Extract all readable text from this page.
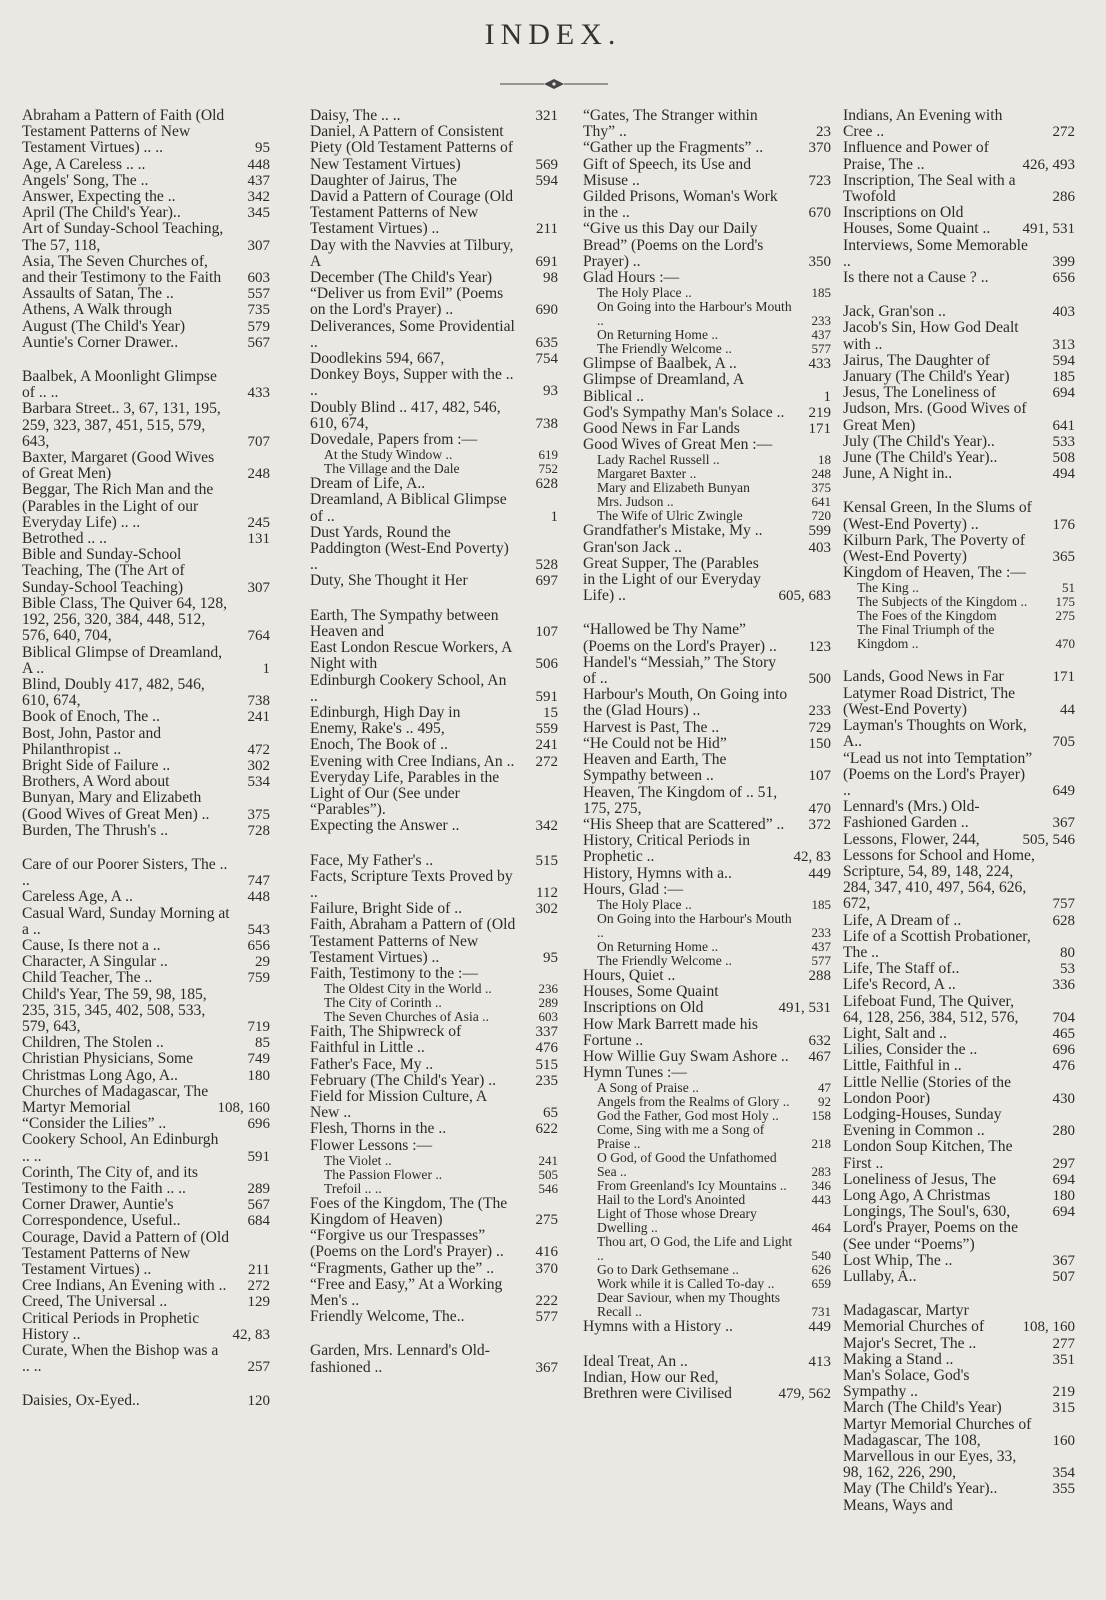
INDEX.
Abraham a Pattern of Faith (Old Testament Patterns of New Testament Virtues) .. ..	95
Age, A Careless .. ..	448
Angels' Song, The ..	437
Answer, Expecting the ..	342
April (The Child's Year)..	345
Art of Sunday-School Teaching, The 57, 118,	307
Asia, The Seven Churches of, and their Testimony to the Faith	603
Assaults of Satan, The ..	557
Athens, A Walk through	735
August (The Child's Year)	579
Auntie's Corner Drawer..	567
Baalbek, A Moonlight Glimpse of .. ..	433
Barbara Street.. 3, 67, 131, 195, 259, 323, 387, 451, 515, 579, 643,	707
Baxter, Margaret (Good Wives of Great Men)	248
Beggar, The Rich Man and the (Parables in the Light of our Everyday Life) .. ..	245
Betrothed .. ..	131
Bible and Sunday-School Teaching, The (The Art of Sunday-School Teaching)	307
Bible Class, The Quiver 64, 128, 192, 256, 320, 384, 448, 512, 576, 640, 704,	764
Biblical Glimpse of Dreamland, A ..	1
Blind, Doubly 417, 482, 546, 610, 674,	738
Book of Enoch, The ..	241
Bost, John, Pastor and Philanthropist ..	472
Bright Side of Failure ..	302
Brothers, A Word about	534
Bunyan, Mary and Elizabeth (Good Wives of Great Men) ..	375
Burden, The Thrush's ..	728
Care of our Poorer Sisters, The .. ..	747
Careless Age, A ..	448
Casual Ward, Sunday Morning at a ..	543
Cause, Is there not a ..	656
Character, A Singular ..	29
Child Teacher, The ..	759
Child's Year, The 59, 98, 185, 235, 315, 345, 402, 508, 533, 579, 643,	719
Children, The Stolen ..	85
Christian Physicians, Some	749
Christmas Long Ago, A..	180
Churches of Madagascar, The Martyr Memorial	108, 160
“Consider the Lilies” ..	696
Cookery School, An Edinburgh .. ..	591
Corinth, The City of, and its Testimony to the Faith .. ..	289
Corner Drawer, Auntie's	567
Correspondence, Useful..	684
Courage, David a Pattern of (Old Testament Patterns of New Testament Virtues) ..	211
Cree Indians, An Evening with ..	272
Creed, The Universal ..	129
Critical Periods in Prophetic History ..	42, 83
Curate, When the Bishop was a .. ..	257
Daisies, Ox-Eyed..	120
Daisy, The .. ..	321
Daniel, A Pattern of Consistent Piety (Old Testament Patterns of New Testament Virtues)	569
Daughter of Jairus, The	594
David a Pattern of Courage (Old Testament Patterns of New Testament Virtues) ..	211
Day with the Navvies at Tilbury, A	691
December (The Child's Year)	98
“Deliver us from Evil” (Poems on the Lord's Prayer) ..	690
Deliverances, Some Providential ..	635
Doodlekins 594, 667,	754
Donkey Boys, Supper with the .. ..	93
Doubly Blind .. 417, 482, 546, 610, 674,	738
Dovedale, Papers from :—
At the Study Window ..	619
The Village and the Dale	752
Dream of Life, A..	628
Dreamland, A Biblical Glimpse of ..	1
Dust Yards, Round the Paddington (West-End Poverty) ..	528
Duty, She Thought it Her	697
Earth, The Sympathy between Heaven and	107
East London Rescue Workers, A Night with	506
Edinburgh Cookery School, An ..	591
Edinburgh, High Day in	15
Enemy, Rake's .. 495,	559
Enoch, The Book of ..	241
Evening with Cree Indians, An ..	272
Everyday Life, Parables in the Light of Our (See under “Parables”).
Expecting the Answer ..	342
Face, My Father's ..	515
Facts, Scripture Texts Proved by ..	112
Failure, Bright Side of ..	302
Faith, Abraham a Pattern of (Old Testament Patterns of New Testament Virtues) ..	95
Faith, Testimony to the :—
The Oldest City in the World ..	236
The City of Corinth ..	289
The Seven Churches of Asia ..	603
Faith, The Shipwreck of	337
Faithful in Little ..	476
Father's Face, My ..	515
February (The Child's Year) ..	235
Field for Mission Culture, A New ..	65
Flesh, Thorns in the ..	622
Flower Lessons :—
The Violet ..	241
The Passion Flower ..	505
Trefoil .. ..	546
Foes of the Kingdom, The (The Kingdom of Heaven)	275
“Forgive us our Trespasses” (Poems on the Lord's Prayer) ..	416
“Fragments, Gather up the” ..	370
“Free and Easy,” At a Working Men's ..	222
Friendly Welcome, The..	577
Garden, Mrs. Lennard's Old-fashioned ..	367
“Gates, The Stranger within Thy” ..	23
“Gather up the Fragments” ..	370
Gift of Speech, its Use and Misuse ..	723
Gilded Prisons, Woman's Work in the ..	670
“Give us this Day our Daily Bread” (Poems on the Lord's Prayer) ..	350
Glad Hours :—
The Holy Place ..	185
On Going into the Harbour's Mouth ..	233
On Returning Home ..	437
The Friendly Welcome ..	577
Glimpse of Baalbek, A ..	433
Glimpse of Dreamland, A Biblical ..	1
God's Sympathy Man's Solace ..	219
Good News in Far Lands	171
Good Wives of Great Men :—
Lady Rachel Russell ..	18
Margaret Baxter ..	248
Mary and Elizabeth Bunyan	375
Mrs. Judson ..	641
The Wife of Ulric Zwingle	720
Grandfather's Mistake, My ..	599
Gran'son Jack ..	403
Great Supper, The (Parables in the Light of our Everyday Life) ..	605, 683
“Hallowed be Thy Name” (Poems on the Lord's Prayer) ..	123
Handel's “Messiah,” The Story of ..	500
Harbour's Mouth, On Going into the (Glad Hours) ..	233
Harvest is Past, The ..	729
“He Could not be Hid”	150
Heaven and Earth, The Sympathy between ..	107
Heaven, The Kingdom of .. 51, 175, 275,	470
“His Sheep that are Scattered” ..	372
History, Critical Periods in Prophetic ..	42, 83
History, Hymns with a..	449
Hours, Glad :—
The Holy Place ..	185
On Going into the Harbour's Mouth ..	233
On Returning Home ..	437
The Friendly Welcome ..	577
Hours, Quiet ..	288
Houses, Some Quaint Inscriptions on Old	491, 531
How Mark Barrett made his Fortune ..	632
How Willie Guy Swam Ashore ..	467
Hymn Tunes :—
A Song of Praise ..	47
Angels from the Realms of Glory ..	92
God the Father, God most Holy ..	158
Come, Sing with me a Song of Praise ..	218
O God, of Good the Unfathomed Sea ..	283
From Greenland's Icy Mountains ..	346
Hail to the Lord's Anointed	443
Light of Those whose Dreary Dwelling ..	464
Thou art, O God, the Life and Light ..	540
Go to Dark Gethsemane ..	626
Work while it is Called To-day ..	659
Dear Saviour, when my Thoughts Recall ..	731
Hymns with a History ..	449
Ideal Treat, An ..	413
Indian, How our Red, Brethren were Civilised	479, 562
Indians, An Evening with Cree ..	272
Influence and Power of Praise, The ..	426, 493
Inscription, The Seal with a Twofold	286
Inscriptions on Old Houses, Some Quaint ..	491, 531
Interviews, Some Memorable ..	399
Is there not a Cause ? ..	656
Jack, Gran'son ..	403
Jacob's Sin, How God Dealt with ..	313
Jairus, The Daughter of	594
January (The Child's Year)	185
Jesus, The Loneliness of	694
Judson, Mrs. (Good Wives of Great Men)	641
July (The Child's Year)..	533
June (The Child's Year)..	508
June, A Night in..	494
Kensal Green, In the Slums of (West-End Poverty) ..	176
Kilburn Park, The Poverty of (West-End Poverty)	365
Kingdom of Heaven, The :—
The King ..	51
The Subjects of the Kingdom ..	175
The Foes of the Kingdom	275
The Final Triumph of the Kingdom ..	470
Lands, Good News in Far	171
Latymer Road District, The (West-End Poverty)	44
Layman's Thoughts on Work, A..	705
“Lead us not into Temptation” (Poems on the Lord's Prayer) ..	649
Lennard's (Mrs.) Old-Fashioned Garden ..	367
Lessons, Flower, 244,	505, 546
Lessons for School and Home, Scripture, 54, 89, 148, 224, 284, 347, 410, 497, 564, 626, 672,	757
Life, A Dream of ..	628
Life of a Scottish Probationer, The ..	80
Life, The Staff of..	53
Life's Record, A ..	336
Lifeboat Fund, The Quiver, 64, 128, 256, 384, 512, 576,	704
Light, Salt and ..	465
Lilies, Consider the ..	696
Little, Faithful in ..	476
Little Nellie (Stories of the London Poor)	430
Lodging-Houses, Sunday Evening in Common ..	280
London Soup Kitchen, The First ..	297
Loneliness of Jesus, The	694
Long Ago, A Christmas	180
Longings, The Soul's, 630,	694
Lord's Prayer, Poems on the (See under “Poems”)
Lost Whip, The ..	367
Lullaby, A..	507
Madagascar, Martyr Memorial Churches of	108, 160
Major's Secret, The ..	277
Making a Stand ..	351
Man's Solace, God's Sympathy ..	219
March (The Child's Year)	315
Martyr Memorial Churches of Madagascar, The 108,	160
Marvellous in our Eyes, 33, 98, 162, 226, 290,	354
May (The Child's Year)..	355
Means, Ways and
